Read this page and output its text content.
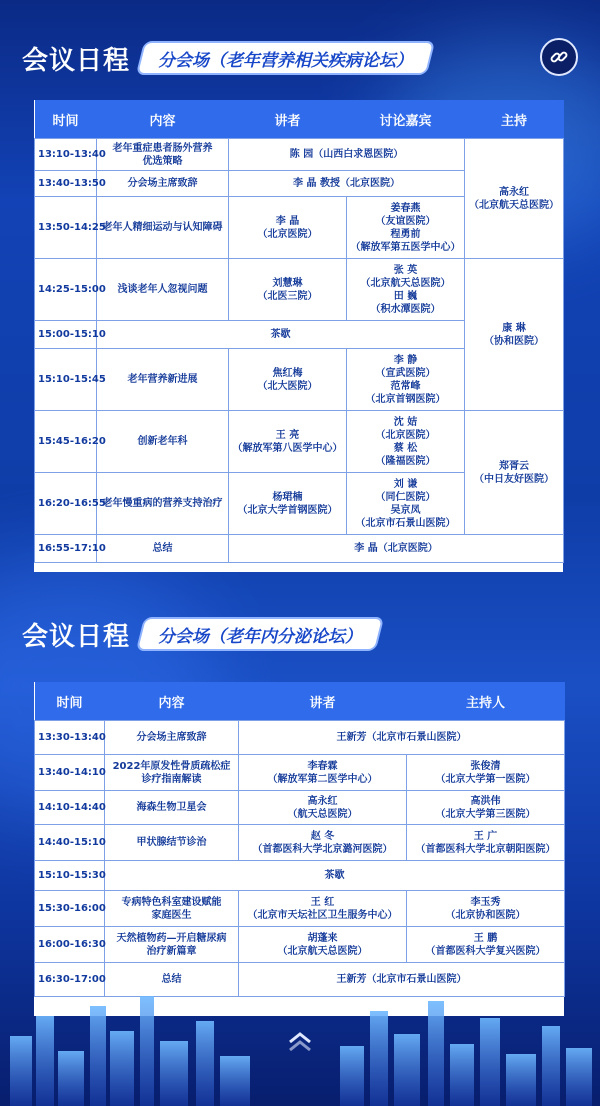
会议日程 分会场（老年营养相关疾病论坛）
时间	内容	讲者	讨论嘉宾	主持
13:10-13:40	老年重症患者肠外营养
优选策略	陈 园（山西白求恩医院）		高永红
（北京航天总医院）
13:40-13:50	分会场主席致辞	李 晶 教授（北京医院）		
13:50-14:25	老年人精细运动与认知障碍	李 晶
（北京医院）	姜春燕
（友谊医院）
程勇前
（解放军第五医学中心）	
14:25-15:00	浅谈老年人忽视问题	刘慧琳
（北医三院）	张 英
（北京航天总医院）
田 巍
（积水潭医院）	康 琳
（协和医院）
15:00-15:10	茶歇			
15:10-15:45	老年营养新进展	焦红梅
（北大医院）	李 静
（宣武医院）
范常峰
（北京首钢医院）	
15:45-16:20	创新老年科	王 亮
（解放军第八医学中心）	沈 姞
（北京医院）
蔡 松
（隆福医院）	郑胥云
（中日友好医院）
16:20-16:55	老年慢重病的营养支持治疗	杨珺楠
（北京大学首钢医院）	刘 谦
（同仁医院）
吴京凤
（北京市石景山医院）	
16:55-17:10	总结	李 晶（北京医院）		
会议日程 分会场（老年内分泌论坛）
时间	内容	讲者	主持人
13:30-13:40	分会场主席致辞	王新芳（北京市石景山医院）	
13:40-14:10	2022年原发性骨质疏松症
诊疗指南解读	李春霖
（解放军第二医学中心）	张俊清
（北京大学第一医院）
14:10-14:40	海森生物卫星会	高永红
（航天总医院）	高洪伟
（北京大学第三医院）
14:40-15:10	甲状腺结节诊治	赵 冬
（首都医科大学北京潞河医院）	王 广
（首都医科大学北京朝阳医院）
15:10-15:30	茶歇		
15:30-16:00	专病特色科室建设赋能
家庭医生	王 红
（北京市天坛社区卫生服务中心）	李玉秀
（北京协和医院）
16:00-16:30	天然植物药—开启糖尿病
治疗新篇章	胡蓬来
（北京航天总医院）	王 鹏
（首都医科大学复兴医院）
16:30-17:00	总结	王新芳（北京市石景山医院）	
